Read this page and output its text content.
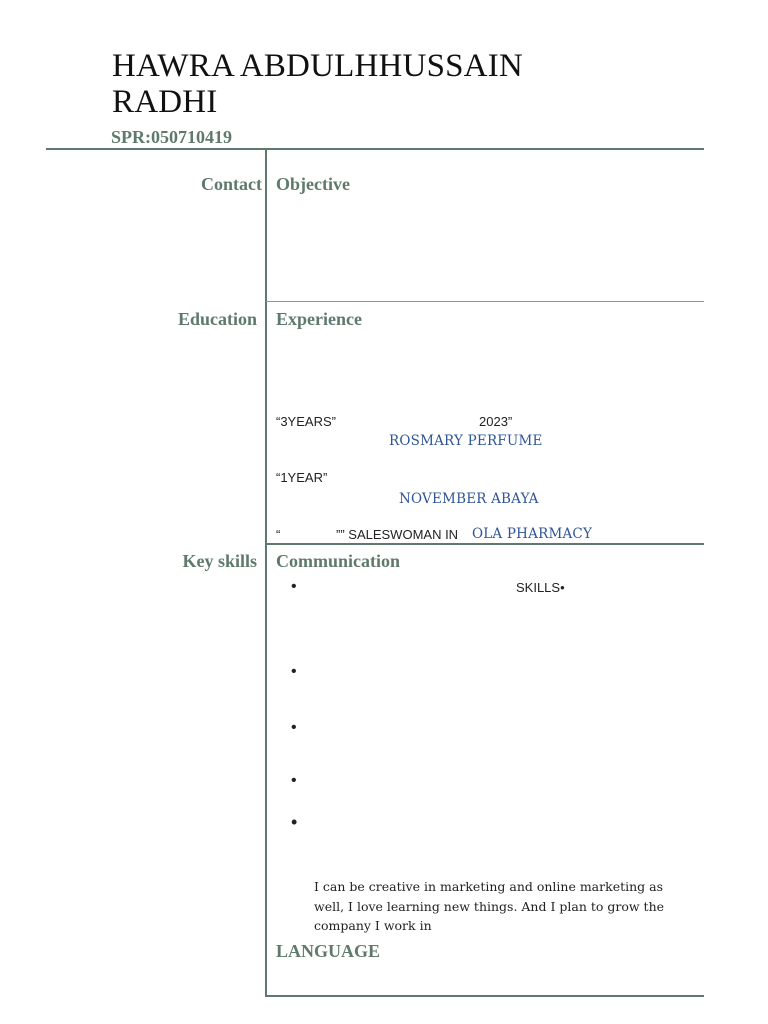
HAWRA ABDULHHUSSAIN
RADHI
SPR:050710419
Contact
Education
Key skills
Objective
Experience
“3YEARS”	2023”
ROSMARY PERFUME
“1YEAR”
NOVEMBER ABAYA
“	”” SALESWOMAN IN OLA PHARMACY
Communication
•	SKILLS•
•
•
•
•
I can be creative in marketing and online marketing as well, I love learning new things. And I plan to grow the company I work in
LANGUAGE
